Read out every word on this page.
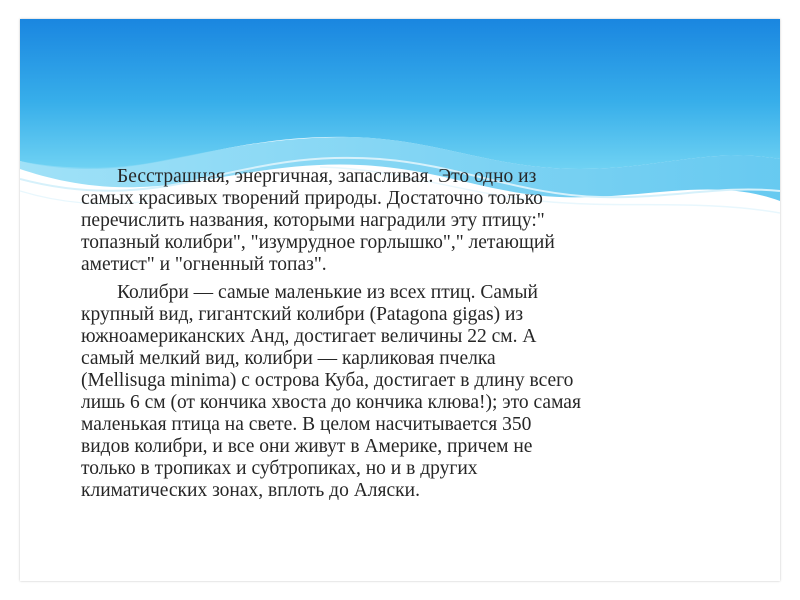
Бесстрашная, энергичная, запасливая. Это одно из
самых красивых творений природы. Достаточно только
перечислить названия, которыми наградили эту птицу:"
топазный колибри", "изумрудное горлышко"," летающий
аметист" и "огненный топаз".

Колибри — самые маленькие из всех птиц. Самый
крупный вид, гигантский колибри (Patagona gigas) из
южноамериканских Анд, достигает величины 22 см. А
самый мелкий вид, колибри — карликовая пчелка
(Mellisuga minima) с острова Куба, достигает в длину всего
лишь 6 см (от кончика хвоста до кончика клюва!); это самая
маленькая птица на свете. В целом насчитывается 350
видов колибри, и все они живут в Америке, причем не
только в тропиках и субтропиках, но и в других
климатических зонах, вплоть до Аляски.
